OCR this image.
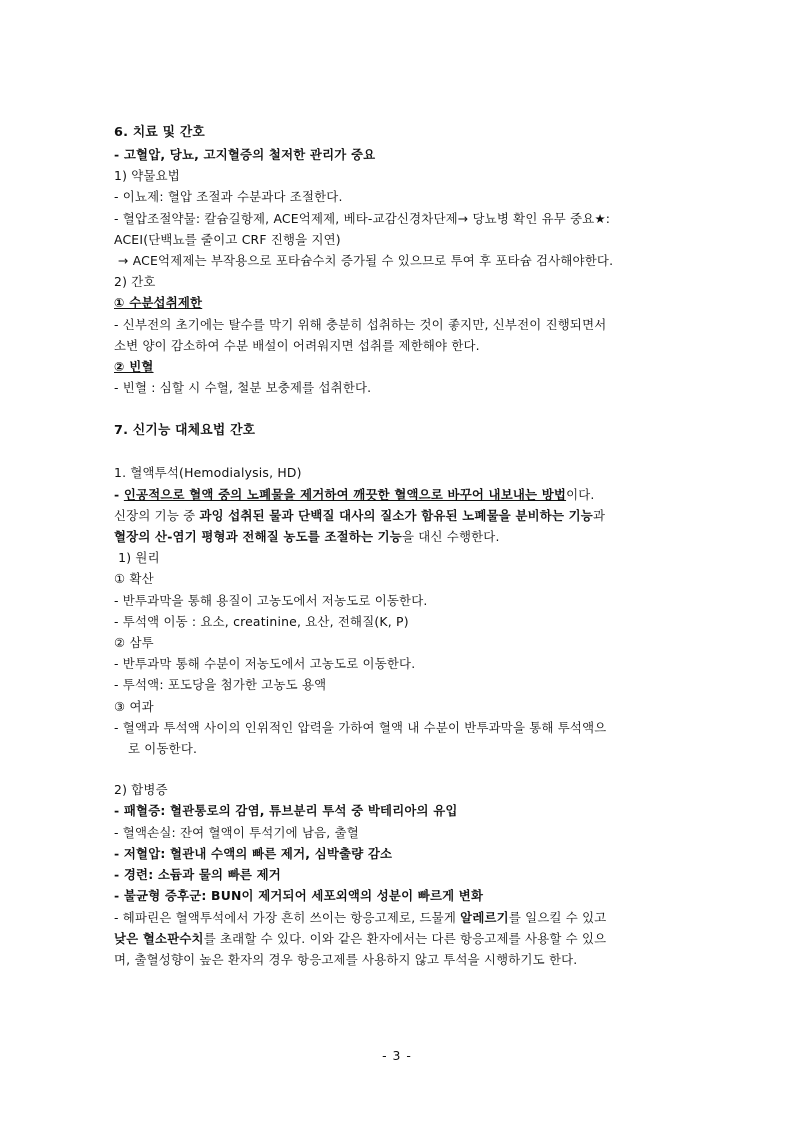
6. 치료 및 간호
- 고혈압, 당뇨, 고지혈증의 철저한 관리가 중요
1) 약물요법
- 이뇨제: 혈압 조절과 수분과다 조절한다.
- 혈압조절약물: 칼슘길항제, ACE억제제, 베타-교감신경차단제→ 당뇨병 확인 유무 중요★:
ACEI(단백뇨를 줄이고 CRF 진행을 지연)
→ ACE억제제는 부작용으로 포타슘수치 증가될 수 있으므로 투여 후 포타슘 검사해야한다.
2) 간호
① 수분섭취제한
- 신부전의 초기에는 탈수를 막기 위해 충분히 섭취하는 것이 좋지만, 신부전이 진행되면서
소변 양이 감소하여 수분 배설이 어려워지면 섭취를 제한해야 한다.
② 빈혈
- 빈혈 : 심할 시 수혈, 철분 보충제를 섭취한다.
7. 신기능 대체요법 간호
1. 혈액투석(Hemodialysis, HD)
- 인공적으로 혈액 중의 노폐물을 제거하여 깨끗한 혈액으로 바꾸어 내보내는 방법이다.
신장의 기능 중 과잉 섭취된 물과 단백질 대사의 질소가 함유된 노폐물을 분비하는 기능과
혈장의 산-염기 평형과 전해질 농도를 조절하는 기능을 대신 수행한다.
1) 원리
① 확산
- 반투과막을 통해 용질이 고농도에서 저농도로 이동한다.
- 투석액 이동 : 요소, creatinine, 요산, 전해질(K, P)
② 삼투
- 반투과막 통해 수분이 저농도에서 고농도로 이동한다.
- 투석액: 포도당을 첨가한 고농도 용액
③ 여과
- 혈액과 투석액 사이의 인위적인 압력을 가하여 혈액 내 수분이 반투과막을 통해 투석액으
로 이동한다.
2) 합병증
- 패혈증: 혈관통로의 감염, 튜브분리 투석 중 박테리아의 유입
- 혈액손실: 잔여 혈액이 투석기에 남음, 출혈
- 저혈압: 혈관내 수액의 빠른 제거, 심박출량 감소
- 경련: 소듐과 물의 빠른 제거
- 불균형 증후군: BUN이 제거되어 세포외액의 성분이 빠르게 변화
- 헤파린은 혈액투석에서 가장 흔히 쓰이는 항응고제로, 드물게 알레르기를 일으킬 수 있고
낮은 혈소판수치를 초래할 수 있다. 이와 같은 환자에서는 다른 항응고제를 사용할 수 있으
며, 출혈성향이 높은 환자의 경우 항응고제를 사용하지 않고 투석을 시행하기도 한다.
- 3 -
